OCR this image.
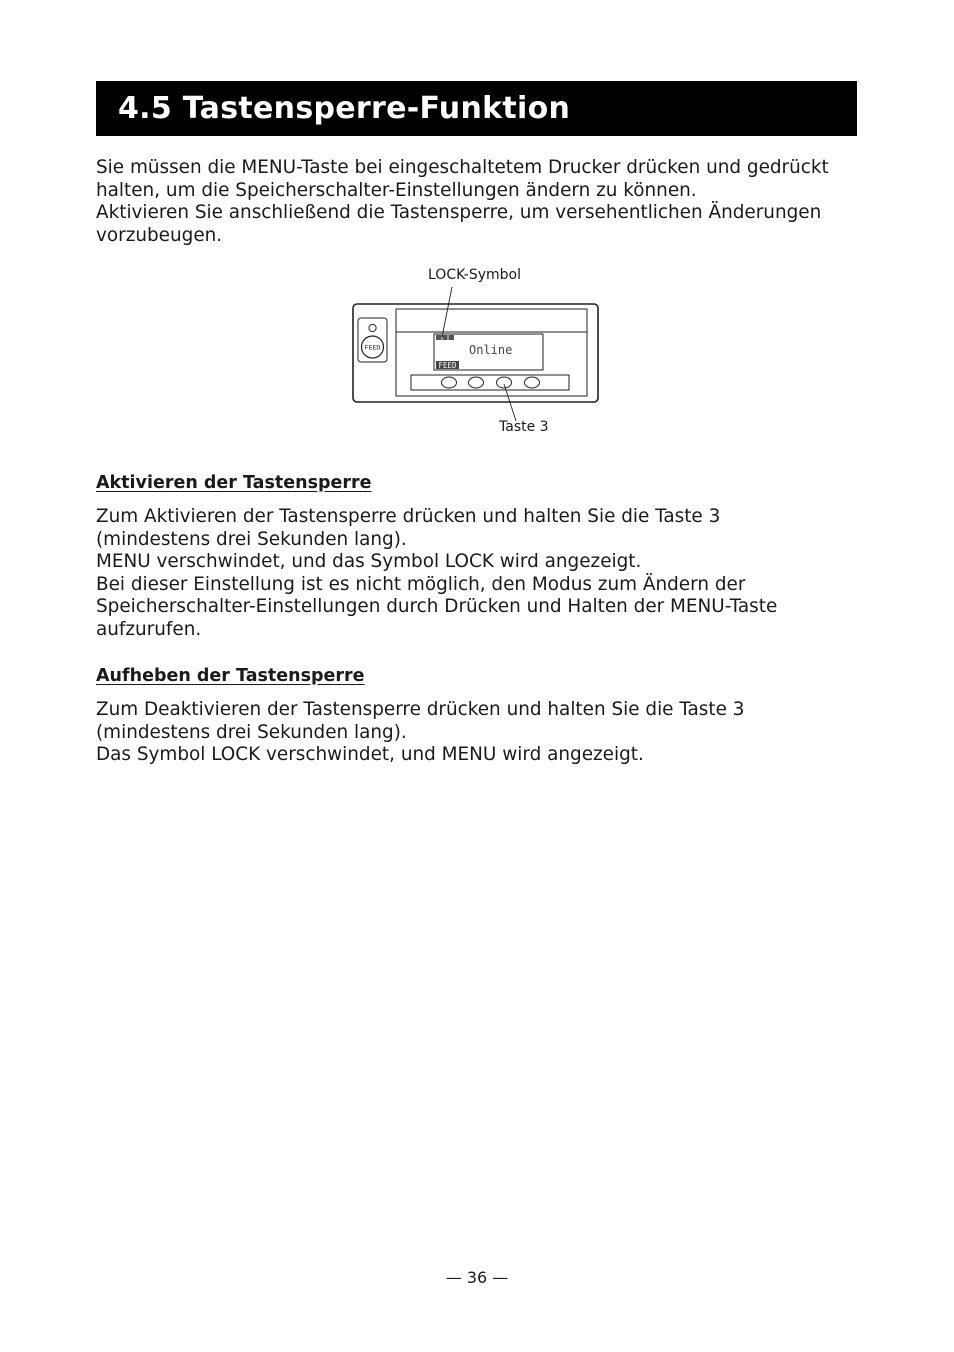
4.5 Tastensperre-Funktion
Sie müssen die MENU-Taste bei eingeschaltetem Drucker drücken und gedrückt
halten, um die Speicherschalter-Einstellungen ändern zu können.
Aktivieren Sie anschließend die Tastensperre, um versehentlichen Änderungen
vorzubeugen.
LOCK-Symbol
Taste 3
FEED	Online
FEED
Aktivieren der Tastensperre
Zum Aktivieren der Tastensperre drücken und halten Sie die Taste 3
(mindestens drei Sekunden lang).
MENU verschwindet, und das Symbol LOCK wird angezeigt.
Bei dieser Einstellung ist es nicht möglich, den Modus zum Ändern der
Speicherschalter-Einstellungen durch Drücken und Halten der MENU-Taste
aufzurufen.
Aufheben der Tastensperre
Zum Deaktivieren der Tastensperre drücken und halten Sie die Taste 3
(mindestens drei Sekunden lang).
Das Symbol LOCK verschwindet, und MENU wird angezeigt.
— 36 —
